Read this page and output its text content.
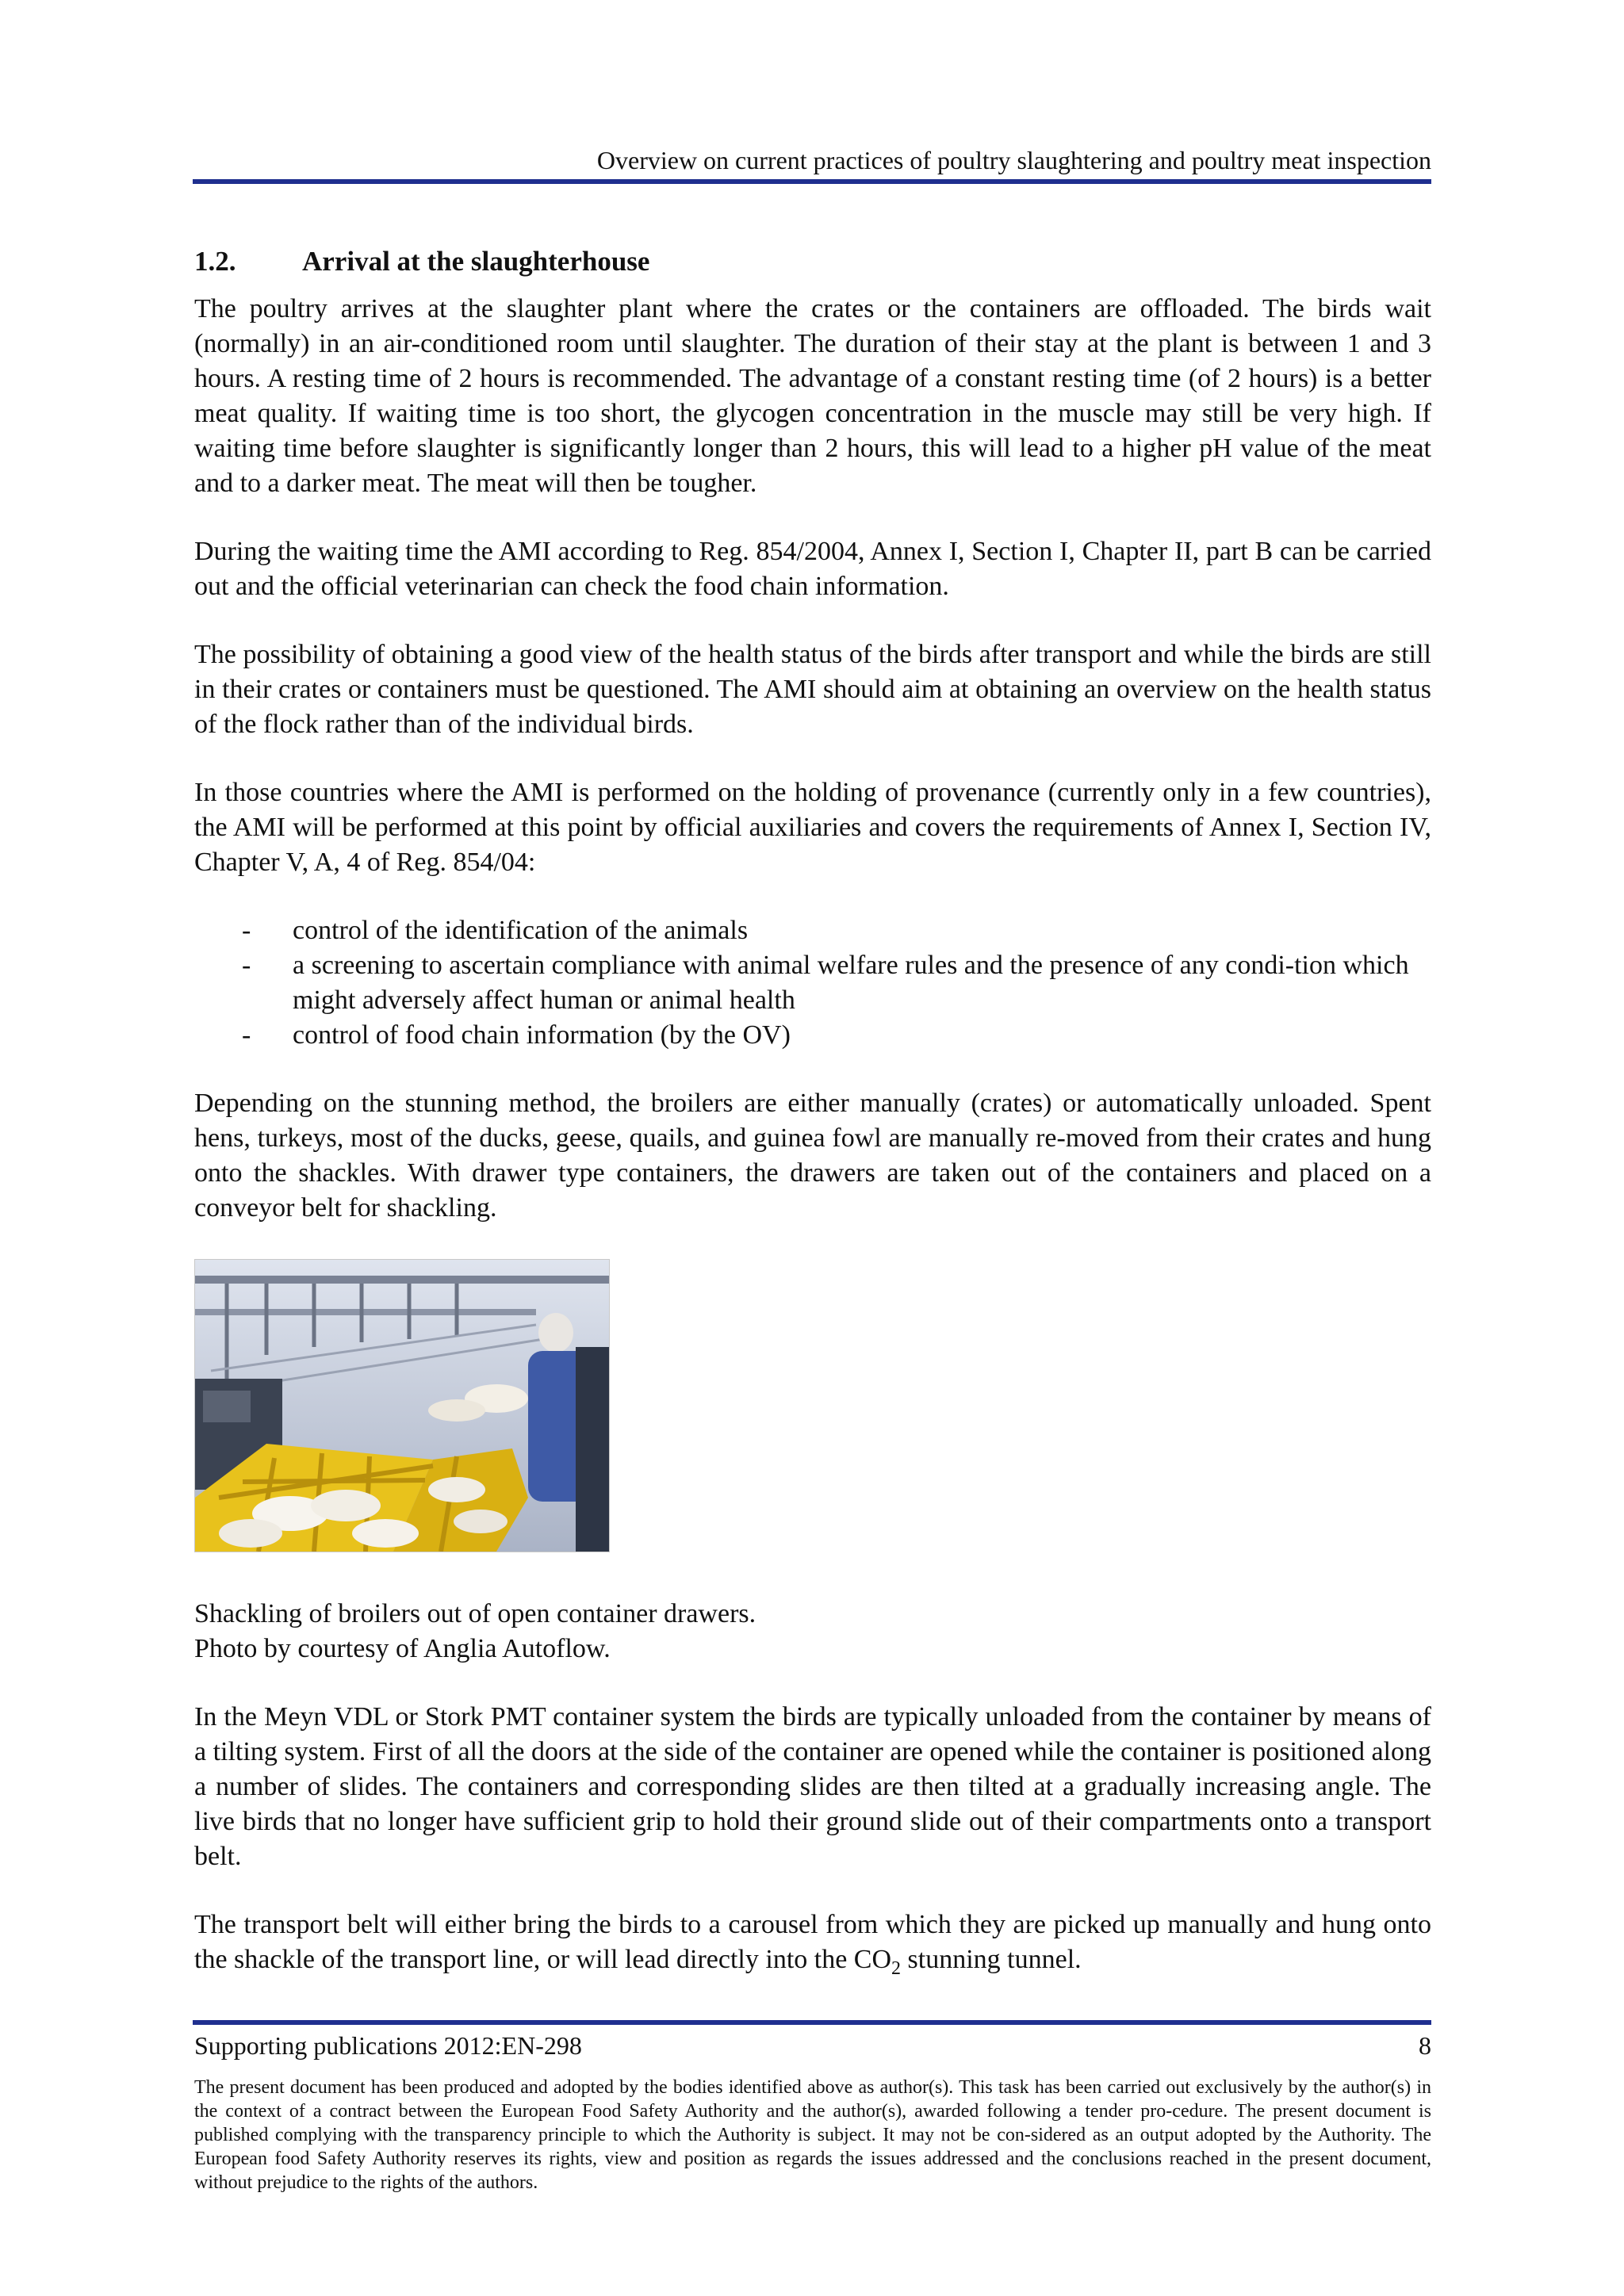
Overview on current practices of poultry slaughtering and poultry meat inspection
1.2. Arrival at the slaughterhouse

The poultry arrives at the slaughter plant where the crates or the containers are offloaded. The birds wait (normally) in an air-conditioned room until slaughter. The duration of their stay at the plant is between 1 and 3 hours. A resting time of 2 hours is recommended. The advantage of a constant resting time (of 2 hours) is a better meat quality. If waiting time is too short, the glycogen concentration in the muscle may still be very high. If waiting time before slaughter is significantly longer than 2 hours, this will lead to a higher pH value of the meat and to a darker meat. The meat will then be tougher.

During the waiting time the AMI according to Reg. 854/2004, Annex I, Section I, Chapter II, part B can be carried out and the official veterinarian can check the food chain information.

The possibility of obtaining a good view of the health status of the birds after transport and while the birds are still in their crates or containers must be questioned. The AMI should aim at obtaining an overview on the health status of the flock rather than of the individual birds.

In those countries where the AMI is performed on the holding of provenance (currently only in a few countries), the AMI will be performed at this point by official auxiliaries and covers the requirements of Annex I, Section IV, Chapter V, A, 4 of Reg. 854/04:

- control of the identification of the animals
- a screening to ascertain compliance with animal welfare rules and the presence of any condi-tion which might adversely affect human or animal health
- control of food chain information (by the OV)

Depending on the stunning method, the broilers are either manually (crates) or automatically unloaded. Spent hens, turkeys, most of the ducks, geese, quails, and guinea fowl are manually re-moved from their crates and hung onto the shackles. With drawer type containers, the drawers are taken out of the containers and placed on a conveyor belt for shackling.

Shackling of broilers out of open container drawers.
Photo by courtesy of Anglia Autoflow.

In the Meyn VDL or Stork PMT container system the birds are typically unloaded from the container by means of a tilting system. First of all the doors at the side of the container are opened while the container is positioned along a number of slides. The containers and corresponding slides are then tilted at a gradually increasing angle. The live birds that no longer have sufficient grip to hold their ground slide out of their compartments onto a transport belt.

The transport belt will either bring the birds to a carousel from which they are picked up manually and hung onto the shackle of the transport line, or will lead directly into the $CO_2$ stunning tunnel.

Supporting publications 2012:EN-298	8
The present document has been produced and adopted by the bodies identified above as author(s). This task has been carried out exclusively by the author(s) in the context of a contract between the European Food Safety Authority and the author(s), awarded following a tender pro-cedure. The present document is published complying with the transparency principle to which the Authority is subject. It may not be con-sidered as an output adopted by the Authority. The European food Safety Authority reserves its rights, view and position as regards the issues addressed and the conclusions reached in the present document, without prejudice to the rights of the authors.
